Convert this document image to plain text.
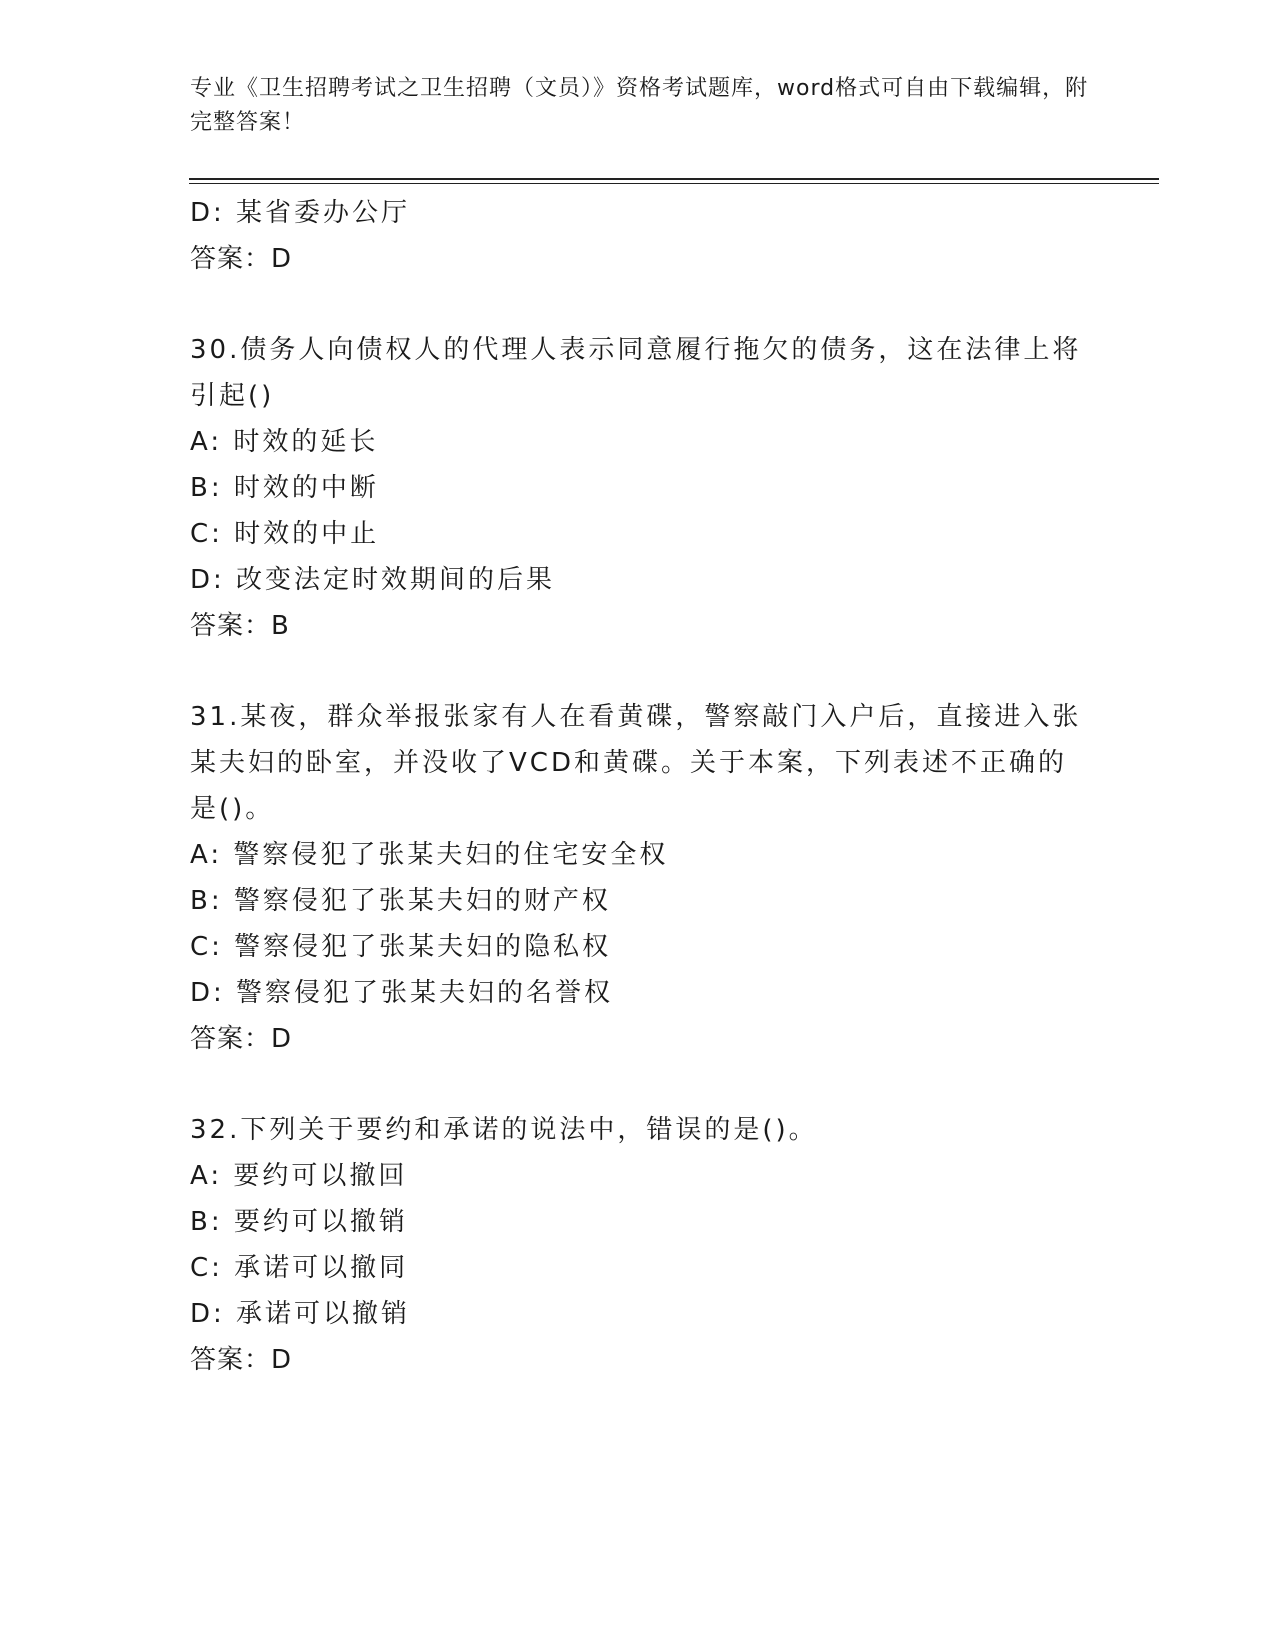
专业《卫生招聘考试之卫生招聘（文员）》资格考试题库，word格式可自由下载编辑，附完整答案！
D: 某省委办公厅
答案：D
30.债务人向债权人的代理人表示同意履行拖欠的债务，这在法律上将引起()
A: 时效的延长
B: 时效的中断
C: 时效的中止
D: 改变法定时效期间的后果
答案：B
31.某夜，群众举报张家有人在看黄碟，警察敲门入户后，直接进入张某夫妇的卧室，并没收了VCD和黄碟。关于本案，下列表述不正确的是()。
A: 警察侵犯了张某夫妇的住宅安全权
B: 警察侵犯了张某夫妇的财产权
C: 警察侵犯了张某夫妇的隐私权
D: 警察侵犯了张某夫妇的名誉权
答案：D
32.下列关于要约和承诺的说法中，错误的是()。
A: 要约可以撤回
B: 要约可以撤销
C: 承诺可以撤同
D: 承诺可以撤销
答案：D
